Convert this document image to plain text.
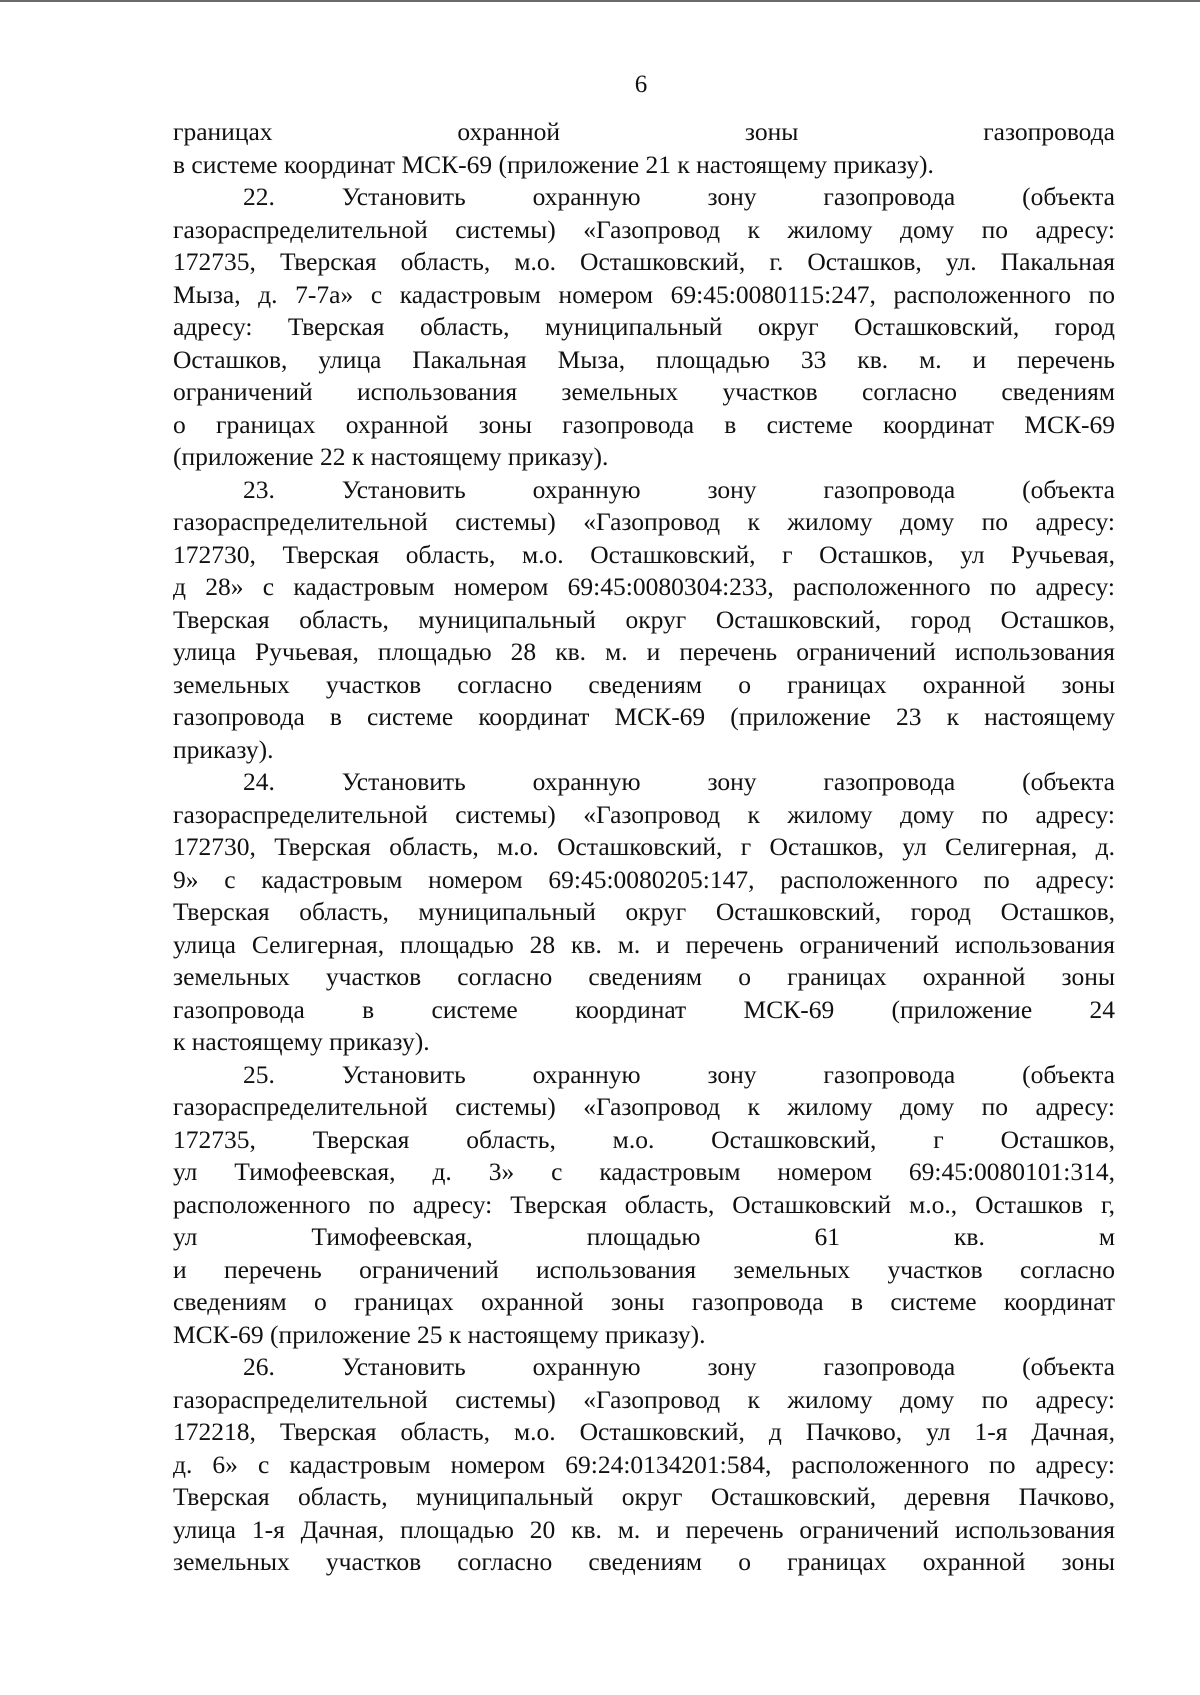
6
границах охранной зоны газопровода
в системе координат МСК-69 (приложение 21 к настоящему приказу).
22. Установить охранную зону газопровода (объекта
газораспределительной системы) «Газопровод к жилому дому по адресу:
172735, Тверская область, м.о. Осташковский, г. Осташков, ул. Пакальная
Мыза, д. 7-7а» с кадастровым номером 69:45:0080115:247, расположенного по
адресу: Тверская область, муниципальный округ Осташковский, город
Осташков, улица Пакальная Мыза, площадью 33 кв. м. и перечень
ограничений использования земельных участков согласно сведениям
о границах охранной зоны газопровода в системе координат МСК-69
(приложение 22 к настоящему приказу).
23. Установить охранную зону газопровода (объекта
газораспределительной системы) «Газопровод к жилому дому по адресу:
172730, Тверская область, м.о. Осташковский, г Осташков, ул Ручьевая,
д 28» с кадастровым номером 69:45:0080304:233, расположенного по адресу:
Тверская область, муниципальный округ Осташковский, город Осташков,
улица Ручьевая, площадью 28 кв. м. и перечень ограничений использования
земельных участков согласно сведениям о границах охранной зоны
газопровода в системе координат МСК-69 (приложение 23 к настоящему
приказу).
24. Установить охранную зону газопровода (объекта
газораспределительной системы) «Газопровод к жилому дому по адресу:
172730, Тверская область, м.о. Осташковский, г Осташков, ул Селигерная, д.
9» с кадастровым номером 69:45:0080205:147, расположенного по адресу:
Тверская область, муниципальный округ Осташковский, город Осташков,
улица Селигерная, площадью 28 кв. м. и перечень ограничений использования
земельных участков согласно сведениям о границах охранной зоны
газопровода в системе координат МСК-69 (приложение 24
к настоящему приказу).
25. Установить охранную зону газопровода (объекта
газораспределительной системы) «Газопровод к жилому дому по адресу:
172735, Тверская область, м.о. Осташковский, г Осташков,
ул Тимофеевская, д. 3» с кадастровым номером 69:45:0080101:314,
расположенного по адресу: Тверская область, Осташковский м.о., Осташков г,
ул Тимофеевская, площадью 61 кв. м
и перечень ограничений использования земельных участков согласно
сведениям о границах охранной зоны газопровода в системе координат
МСК-69 (приложение 25 к настоящему приказу).
26. Установить охранную зону газопровода (объекта
газораспределительной системы) «Газопровод к жилому дому по адресу:
172218, Тверская область, м.о. Осташковский, д Пачково, ул 1-я Дачная,
д. 6» с кадастровым номером 69:24:0134201:584, расположенного по адресу:
Тверская область, муниципальный округ Осташковский, деревня Пачково,
улица 1-я Дачная, площадью 20 кв. м. и перечень ограничений использования
земельных участков согласно сведениям о границах охранной зоны
